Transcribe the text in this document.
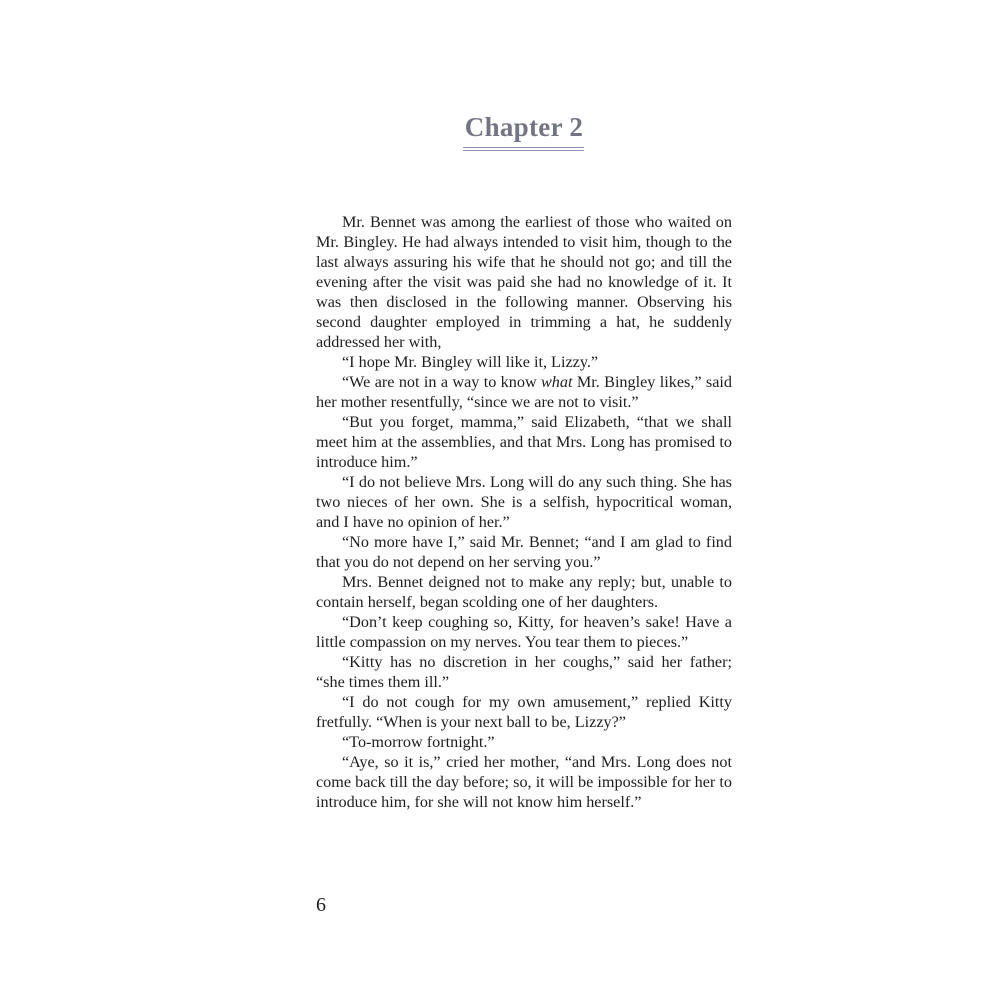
Chapter 2

Mr. Bennet was among the earliest of those who waited on Mr. Bingley. He had always intended to visit him, though to the last always assuring his wife that he should not go; and till the evening after the visit was paid she had no knowledge of it. It was then disclosed in the following manner. Observing his second daughter employed in trimming a hat, he suddenly addressed her with,

“I hope Mr. Bingley will like it, Lizzy.”

“We are not in a way to know what Mr. Bingley likes,” said her mother resentfully, “since we are not to visit.”

“But you forget, mamma,” said Elizabeth, “that we shall meet him at the assemblies, and that Mrs. Long has promised to introduce him.”

“I do not believe Mrs. Long will do any such thing. She has two nieces of her own. She is a selfish, hypocritical woman, and I have no opinion of her.”

“No more have I,” said Mr. Bennet; “and I am glad to find that you do not depend on her serving you.”

Mrs. Bennet deigned not to make any reply; but, unable to contain herself, began scolding one of her daughters.

“Don’t keep coughing so, Kitty, for heaven’s sake! Have a little compassion on my nerves. You tear them to pieces.”

“Kitty has no discretion in her coughs,” said her father; “she times them ill.”

“I do not cough for my own amusement,” replied Kitty fretfully. “When is your next ball to be, Lizzy?”

“To-morrow fortnight.”

“Aye, so it is,” cried her mother, “and Mrs. Long does not come back till the day before; so, it will be impossible for her to introduce him, for she will not know him herself.”

6
